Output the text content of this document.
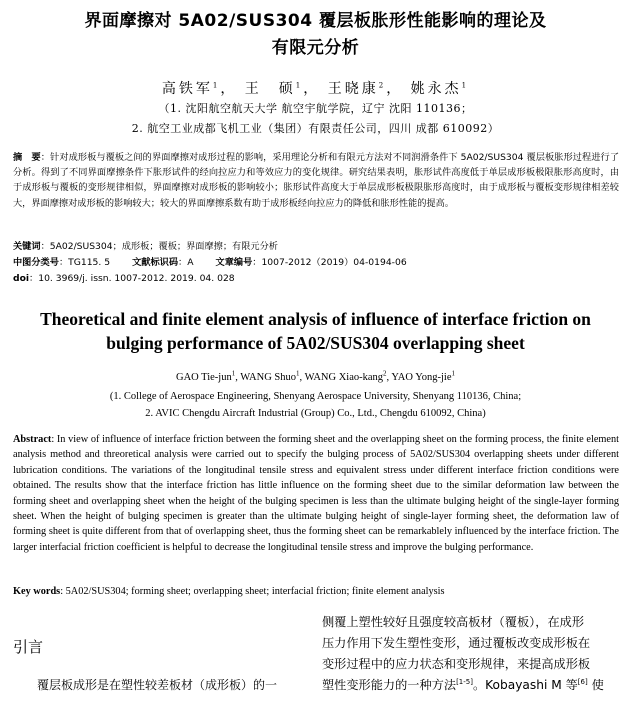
界面摩擦对 5A02/SUS304 覆层板胀形性能影响的理论及
有限元分析
高铁军$^1$， 王　硕$^1$， 王晓康$^2$， 姚永杰$^1$
（1. 沈阳航空航天大学 航空宇航学院，辽宁 沈阳 110136；
2. 航空工业成都飞机工业（集团）有限责任公司，四川 成都 610092）
摘　要：针对成形板与覆板之间的界面摩擦对成形过程的影响，采用理论分析和有限元方法对不同润滑条件下 5A02/SUS304 覆层板胀形过程进行了分析。得到了不同界面摩擦条件下胀形试件的经向拉应力和等效应力的变化规律。研究结果表明，胀形试件高度低于单层成形板极限胀形高度时，由于成形板与覆板的变形规律相似，界面摩擦对成形板的影响较小；胀形试件高度大于单层成形板极限胀形高度时，由于成形板与覆板变形规律相差较大，界面摩擦对成形板的影响较大；较大的界面摩擦系数有助于成形板经向拉应力的降低和胀形性能的提高。
关键词：5A02/SUS304；成形板；覆板；界面摩擦；有限元分析
中图分类号：TG115. 5 文献标识码：A 文章编号：1007-2012（2019）04-0194-06
doi：10. 3969/j. issn. 1007-2012. 2019. 04. 028
Theoretical and finite element analysis of influence of interface friction on
bulging performance of 5A02/SUS304 overlapping sheet
GAO Tie-jun$^1$, WANG Shuo$^1$, WANG Xiao-kang$^2$, YAO Yong-jie$^1$
(1. College of Aerospace Engineering, Shenyang Aerospace University, Shenyang 110136, China;
2. AVIC Chengdu Aircraft Industrial (Group) Co., Ltd., Chengdu 610092, China)
Abstract: In view of influence of interface friction between the forming sheet and the overlapping sheet on the forming process, the finite element analysis method and threoretical analysis were carried out to specify the bulging process of 5A02/SUS304 overlapping sheets under different lubrication conditions. The variations of the longitudinal tensile stress and equivalent stress under different interface friction conditions were obtained. The results show that the interface friction has little influence on the forming sheet due to the similar deformation law between the forming sheet and overlapping sheet when the height of the bulging specimen is less than the ultimate bulging height of the single-layer forming sheet. When the height of bulging specimen is greater than the ultimate bulging height of single-layer forming sheet, the deformation law of forming sheet is quite different from that of overlapping sheet, thus the forming sheet can be remarkablely influenced by the interface friction. The larger interfacial friction coefficient is helpful to decrease the longitudinal tensile stress and improve the bulging performance.
Key words: 5A02/SUS304; forming sheet; overlapping sheet; interfacial friction; finite element analysis
引言
覆层板成形是在塑性较差板材（成形板）的一
侧覆上塑性较好且强度较高板材（覆板），在成形
压力作用下发生塑性变形，通过覆板改变成形板在
变形过程中的应力状态和变形规律，来提高成形板
塑性变形能力的一种方法[1-5]。Kobayashi M 等[6] 使
